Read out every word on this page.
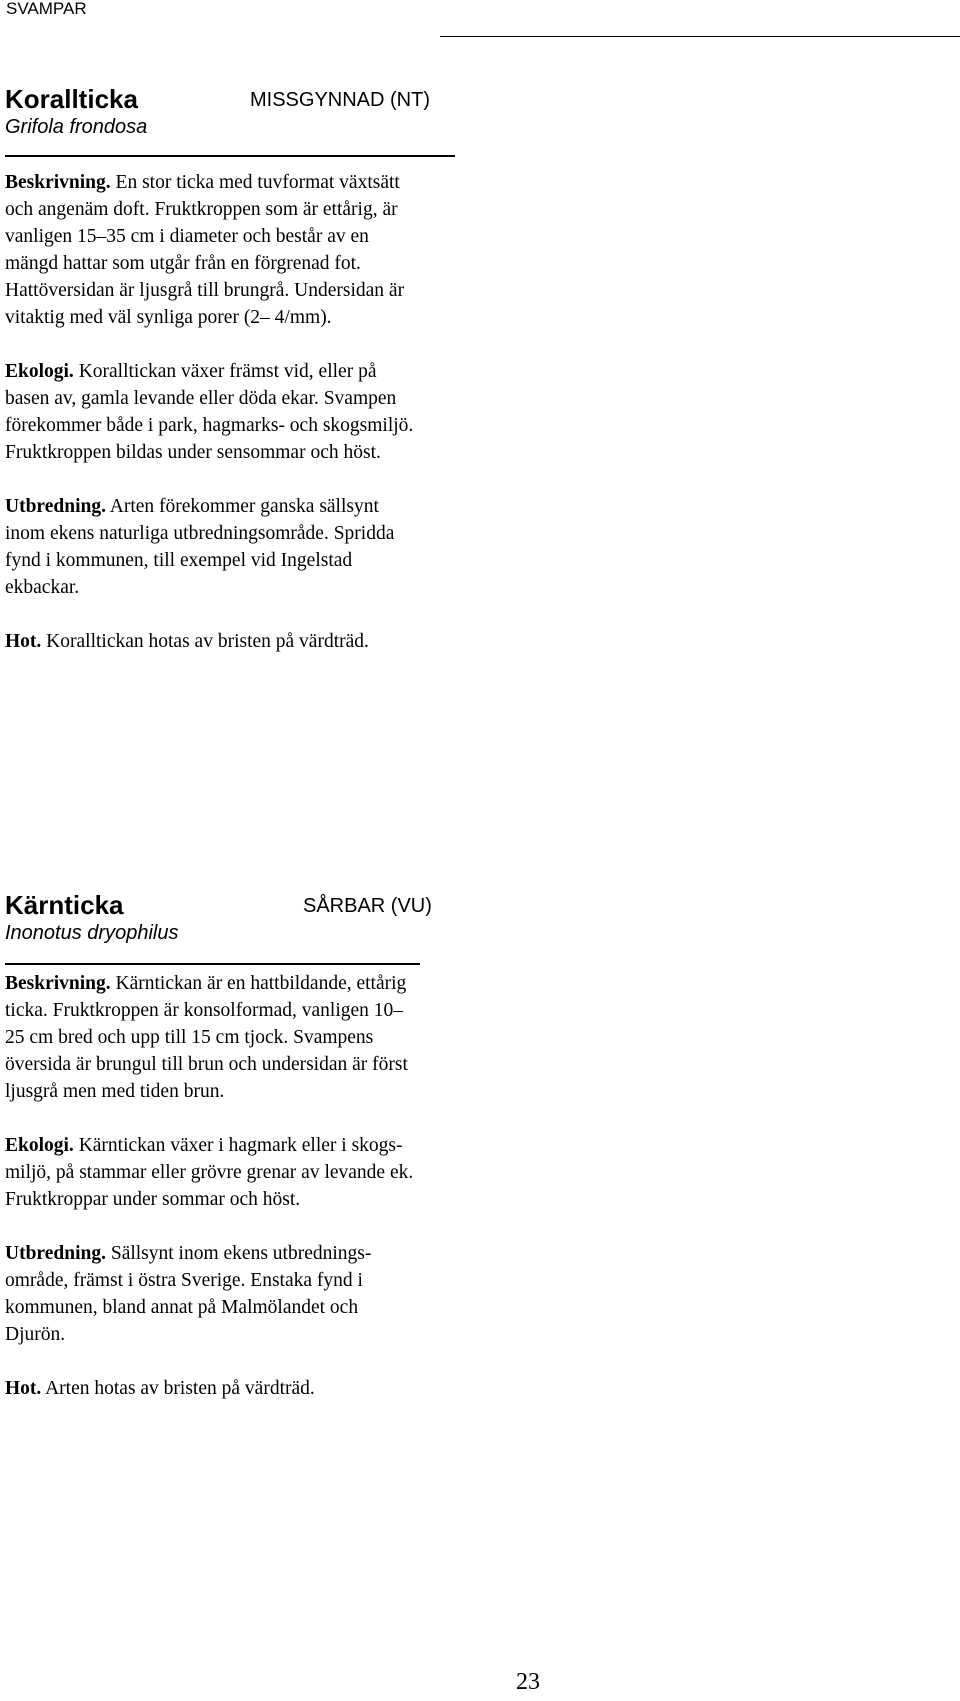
SVAMPAR
Korallticka	MISSGYNNAD (NT)
Grifola frondosa

Beskrivning. En stor ticka med tuvformat växtsätt
och angenäm doft. Fruktkroppen som är ettårig, är
vanligen 15–35 cm i diameter och består av en
mängd hattar som utgår från en förgrenad fot.
Hattöversidan är ljusgrå till brungrå. Undersidan är
vitaktig med väl synliga porer (2– 4/mm).

Ekologi. Koralltickan växer främst vid, eller på
basen av, gamla levande eller döda ekar. Svampen
förekommer både i park, hagmarks- och skogsmiljö.
Fruktkroppen bildas under sensommar och höst.

Utbredning. Arten förekommer ganska sällsynt
inom ekens naturliga utbredningsområde. Spridda
fynd i kommunen, till exempel vid Ingelstad
ekbackar.

Hot. Koralltickan hotas av bristen på värdträd.

Kärnticka	SÅRBAR (VU)
Inonotus dryophilus

Beskrivning. Kärntickan är en hattbildande, ettårig
ticka. Fruktkroppen är konsolformad, vanligen 10–
25 cm bred och upp till 15 cm tjock. Svampens
översida är brungul till brun och undersidan är först
ljusgrå men med tiden brun.

Ekologi. Kärntickan växer i hagmark eller i skogs-
miljö, på stammar eller grövre grenar av levande ek.
Fruktkroppar under sommar och höst.

Utbredning. Sällsynt inom ekens utbrednings-
område, främst i östra Sverige. Enstaka fynd i
kommunen, bland annat på Malmölandet och
Djurön.

Hot. Arten hotas av bristen på värdträd.

23
